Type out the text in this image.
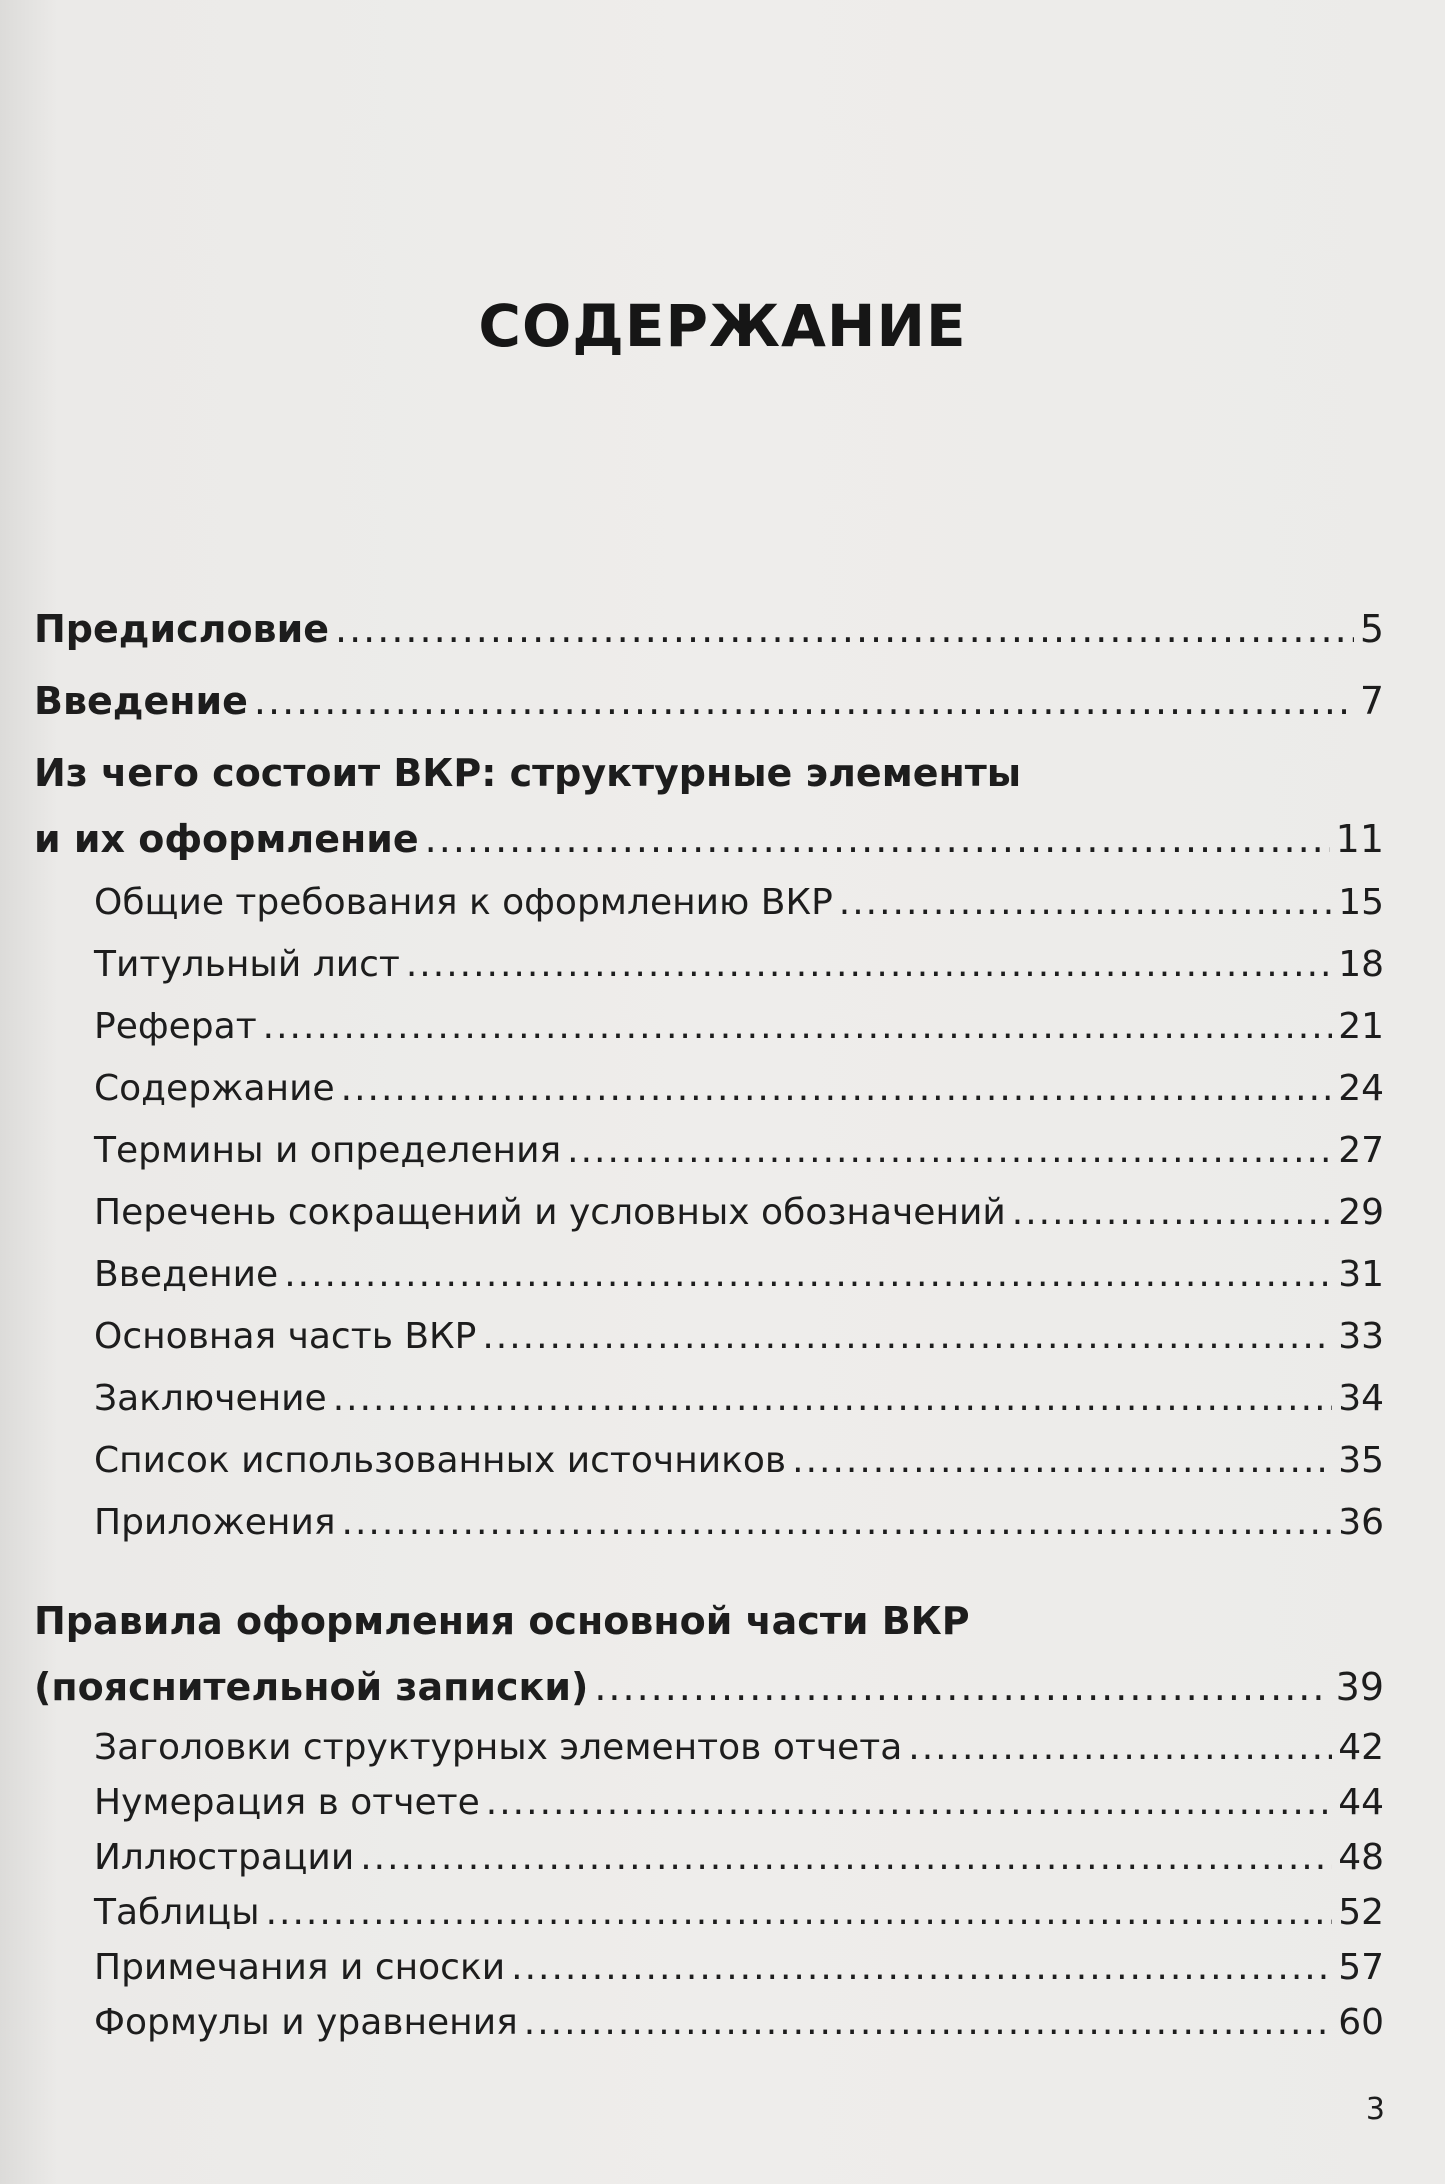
СОДЕРЖАНИЕ
Предисловие .....	5
Введение .....	7
Из чего состоит ВКР: структурные элементы
и их оформление .....	11
Общие требования к оформлению ВКР .....	15
Титульный лист .....	18
Реферат .....	21
Содержание .....	24
Термины и определения .....	27
Перечень сокращений и условных обозначений .....	29
Введение .....	31
Основная часть ВКР .....	33
Заключение .....	34
Список использованных источников .....	35
Приложения .....	36
Правила оформления основной части ВКР
(пояснительной записки) .....	39
Заголовки структурных элементов отчета .....	42
Нумерация в отчете .....	44
Иллюстрации .....	48
Таблицы .....	52
Примечания и сноски .....	57
Формулы и уравнения .....	60
3
